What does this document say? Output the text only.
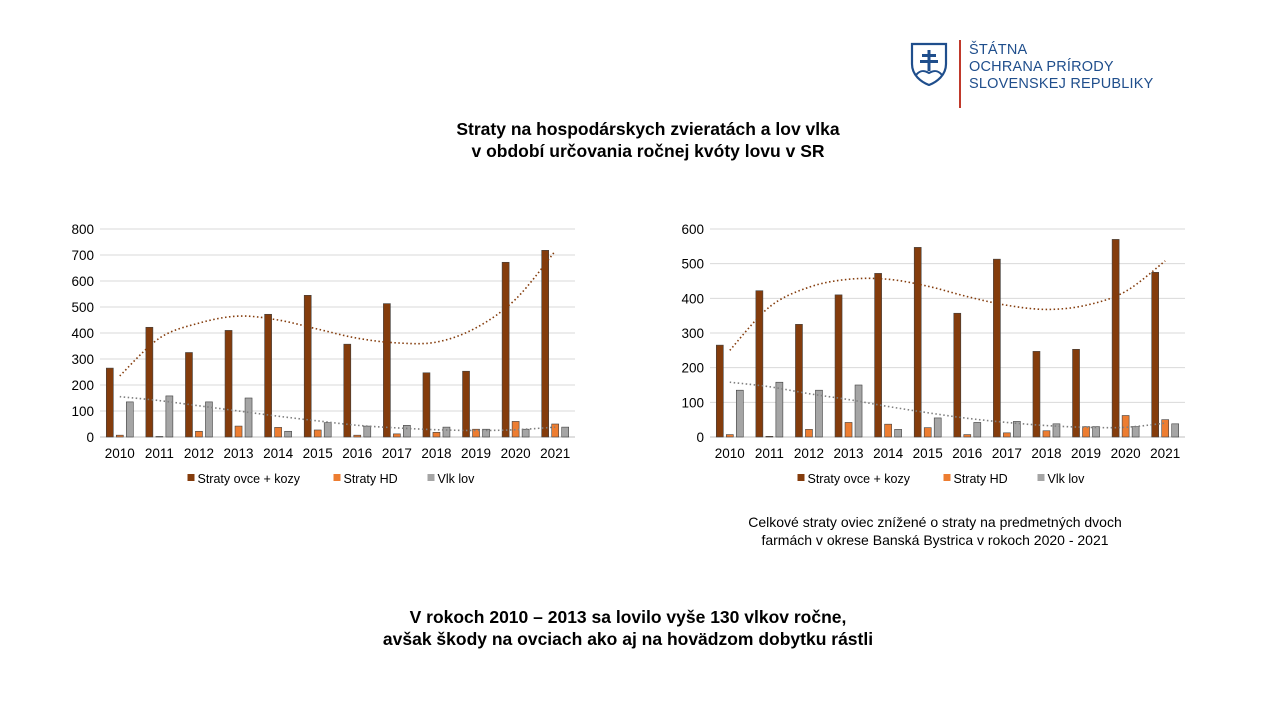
ŠTÁTNA
OCHRANA PRÍRODY
SLOVENSKEJ REPUBLIKY
Straty na hospodárskych zvieratách a lov vlka
v období určovania ročnej kvóty lovu v SR
0
100
200
300
400
500
600
700
800
2010 2011 2012 2013 2014 2015 2016 2017 2018 2019 2020 2021
Straty ovce + kozy	Straty HD	Vlk lov
0
100
200
300
400
500
600
2010 2011 2012 2013 2014 2015 2016 2017 2018 2019 2020 2021
Straty ovce + kozy	Straty HD	Vlk lov
Celkové straty oviec znížené o straty na predmetných dvoch
farmách v okrese Banská Bystrica v rokoch 2020 - 2021
V rokoch 2010 – 2013 sa lovilo vyše 130 vlkov ročne,
avšak škody na ovciach ako aj na hovädzom dobytku rástli
